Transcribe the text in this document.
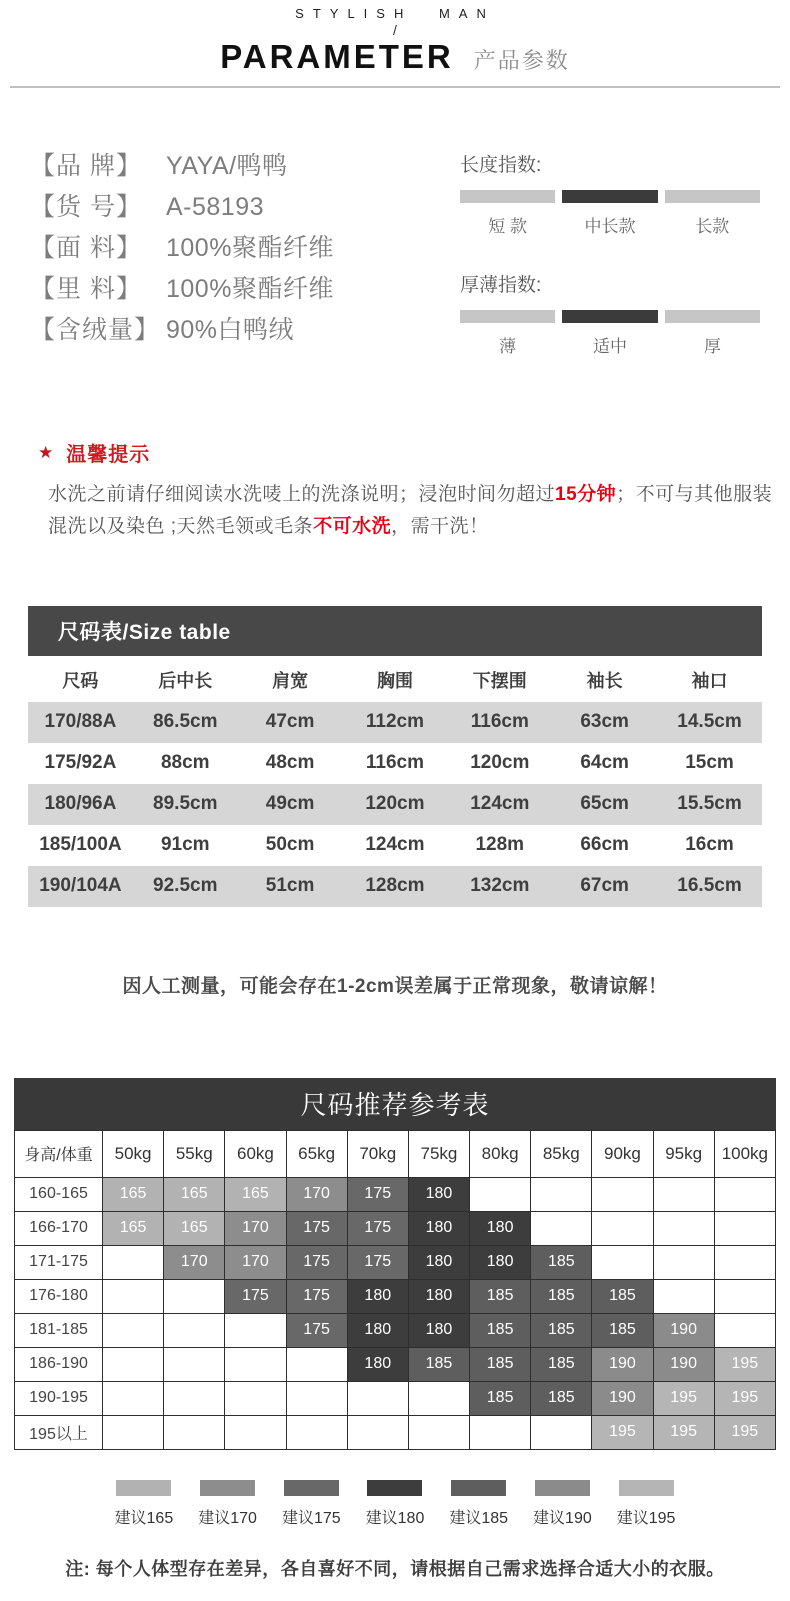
STYLISH MAN
/
PARAMETER 产品参数
【品 牌】 YAYA/鸭鸭
【货 号】 A-58193
【面 料】 100%聚酯纤维
【里 料】 100%聚酯纤维
【含绒量】 90%白鸭绒
长度指数:
短 款	中长款	长款
厚薄指数:
薄	适中	厚
★ 温馨提示

水洗之前请仔细阅读水洗唛上的洗涤说明；浸泡时间勿超过15分钟；不可与其他服装混洗以及染色 ;天然毛领或毛条不可水洗，需干洗！

尺码表/Size table
尺码	后中长	肩宽	胸围	下摆围	袖长	袖口
170/88A	86.5cm	47cm	112cm	116cm	63cm	14.5cm
175/92A	88cm	48cm	116cm	120cm	64cm	15cm
180/96A	89.5cm	49cm	120cm	124cm	65cm	15.5cm
185/100A	91cm	50cm	124cm	128m	66cm	16cm
190/104A	92.5cm	51cm	128cm	132cm	67cm	16.5cm

因人工测量，可能会存在1-2cm误差属于正常现象，敬请谅解！

尺码推荐参考表
身高/体重	50kg	55kg	60kg	65kg	70kg	75kg	80kg	85kg	90kg	95kg	100kg
160-165	165	165	165	170	175	180					
166-170	165	165	170	175	175	180	180				
171-175		170	170	175	175	180	180	185			
176-180			175	175	180	180	185	185	185		
181-185				175	180	180	185	185	185	190	
186-190					180	185	185	185	190	190	195
190-195							185	185	190	195	195
195以上									195	195	195
建议165 建议170 建议175 建议180 建议185 建议190 建议195

注: 每个人体型存在差异，各自喜好不同，请根据自己需求选择合适大小的衣服。
